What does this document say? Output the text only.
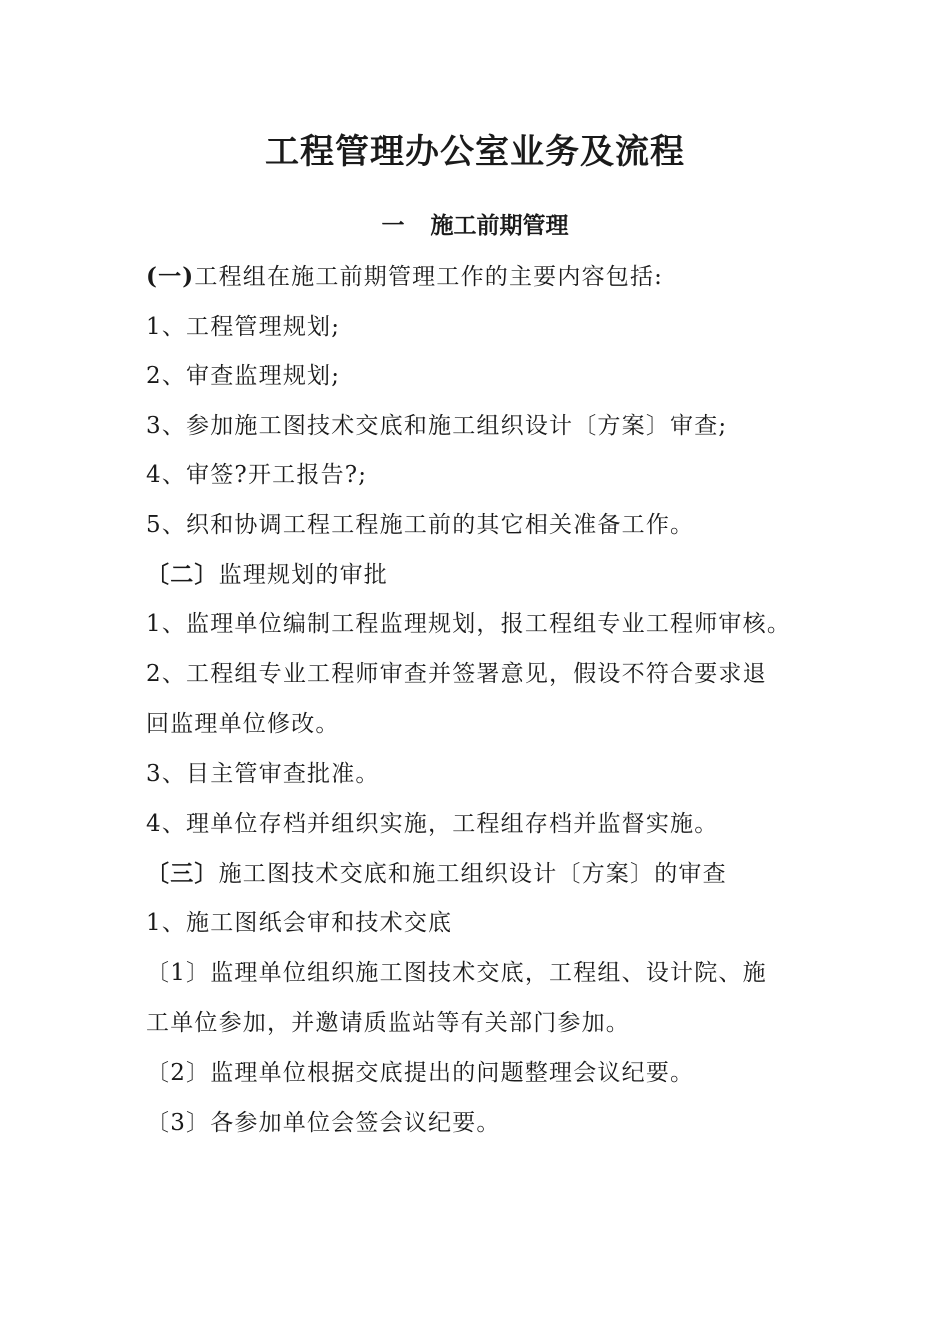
工程管理办公室业务及流程
一 施工前期管理
(一)工程组在施工前期管理工作的主要内容包括:
1、工程管理规划;
2、审查监理规划;
3、参加施工图技术交底和施工组织设计〔方案〕审查;
4、审签?开工报告?;
5、织和协调工程工程施工前的其它相关准备工作。
〔二〕监理规划的审批
1、监理单位编制工程监理规划，报工程组专业工程师审核。
2、工程组专业工程师审查并签署意见，假设不符合要求退
回监理单位修改。
3、目主管审查批准。
4、理单位存档并组织实施，工程组存档并监督实施。
〔三〕施工图技术交底和施工组织设计〔方案〕的审查
1、施工图纸会审和技术交底
〔1〕监理单位组织施工图技术交底，工程组、设计院、施
工单位参加，并邀请质监站等有关部门参加。
〔2〕监理单位根据交底提出的问题整理会议纪要。
〔3〕各参加单位会签会议纪要。
